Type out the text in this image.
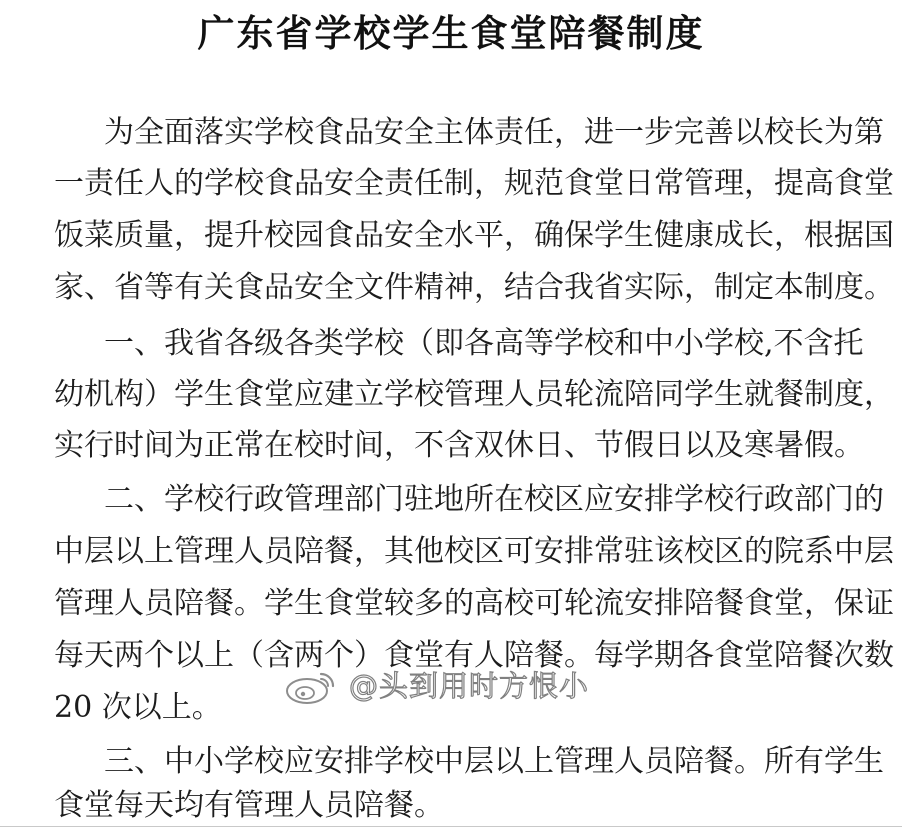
广东省学校学生食堂陪餐制度
为全面落实学校食品安全主体责任，进一步完善以校长为第
一责任人的学校食品安全责任制，规范食堂日常管理，提高食堂
饭菜质量，提升校园食品安全水平，确保学生健康成长，根据国
家、省等有关食品安全文件精神，结合我省实际，制定本制度。
一、我省各级各类学校（即各高等学校和中小学校,不含托
幼机构）学生食堂应建立学校管理人员轮流陪同学生就餐制度，
实行时间为正常在校时间，不含双休日、节假日以及寒暑假。
二、学校行政管理部门驻地所在校区应安排学校行政部门的
中层以上管理人员陪餐，其他校区可安排常驻该校区的院系中层
管理人员陪餐。学生食堂较多的高校可轮流安排陪餐食堂，保证
每天两个以上（含两个）食堂有人陪餐。每学期各食堂陪餐次数
20 次以上。
三、中小学校应安排学校中层以上管理人员陪餐。所有学生
食堂每天均有管理人员陪餐。
@头到用时方恨小
